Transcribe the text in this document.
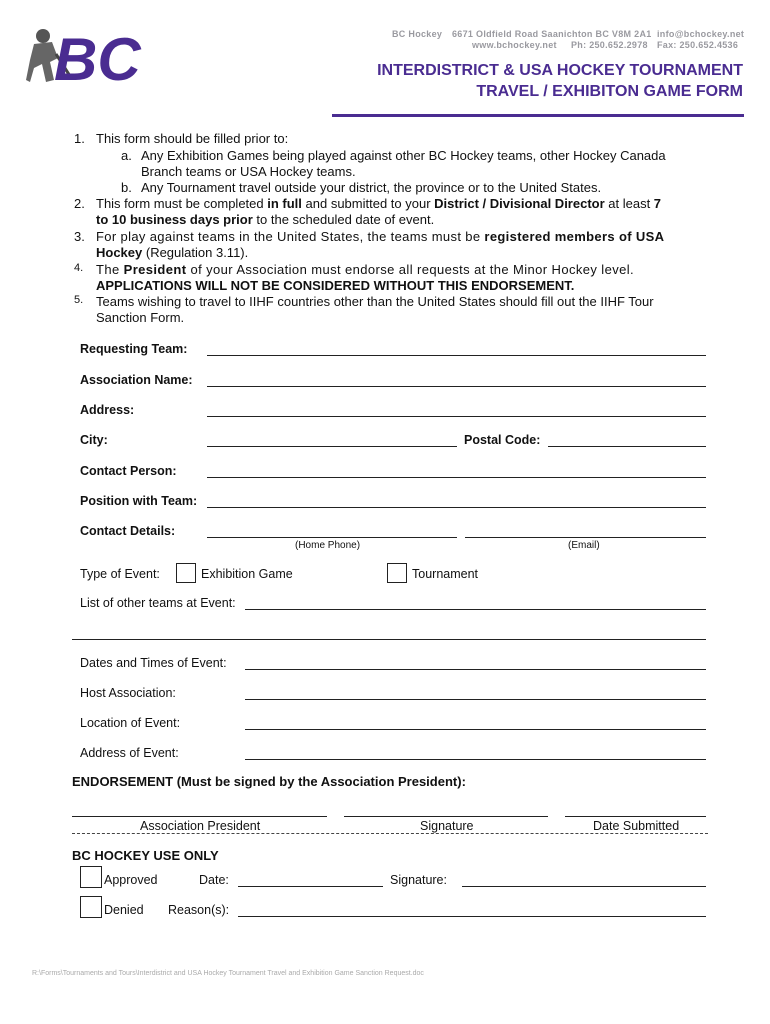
BC	BC Hockey 6671 Oldfield Road Saanichton BC V8M 2A1 info@bchockey.net
www.bchockey.net Ph: 250.652.2978 Fax: 250.652.4536
INTERDISTRICT & USA HOCKEY TOURNAMENT
TRAVEL / EXHIBITON GAME FORM
1. This form should be filled prior to:
a. Any Exhibition Games being played against other BC Hockey teams, other Hockey Canada
Branch teams or USA Hockey teams.
b. Any Tournament travel outside your district, the province or to the United States.
2. This form must be completed in full and submitted to your District / Divisional Director at least 7
to 10 business days prior to the scheduled date of event.
3. For play against teams in the United States, the teams must be registered members of USA
Hockey (Regulation 3.11).
4. The President of your Association must endorse all requests at the Minor Hockey level.
APPLICATIONS WILL NOT BE CONSIDERED WITHOUT THIS ENDORSEMENT.
5. Teams wishing to travel to IIHF countries other than the United States should fill out the IIHF Tour
Sanction Form.
Requesting Team:
Association Name:
Address:
City:	Postal Code:
Contact Person:
Position with Team:
Contact Details:
(Home Phone)	(Email)
Type of Event:	Exhibition Game	Tournament
List of other teams at Event:
Dates and Times of Event:
Host Association:
Location of Event:
Address of Event:
ENDORSEMENT (Must be signed by the Association President):
Association President	Signature	Date Submitted
BC HOCKEY USE ONLY
Approved	Date:	Signature:
Denied Reason(s):
R:\Forms\Tournaments and Tours\Interdistrict and USA Hockey Tournament Travel and Exhibition Game Sanction Request.doc
